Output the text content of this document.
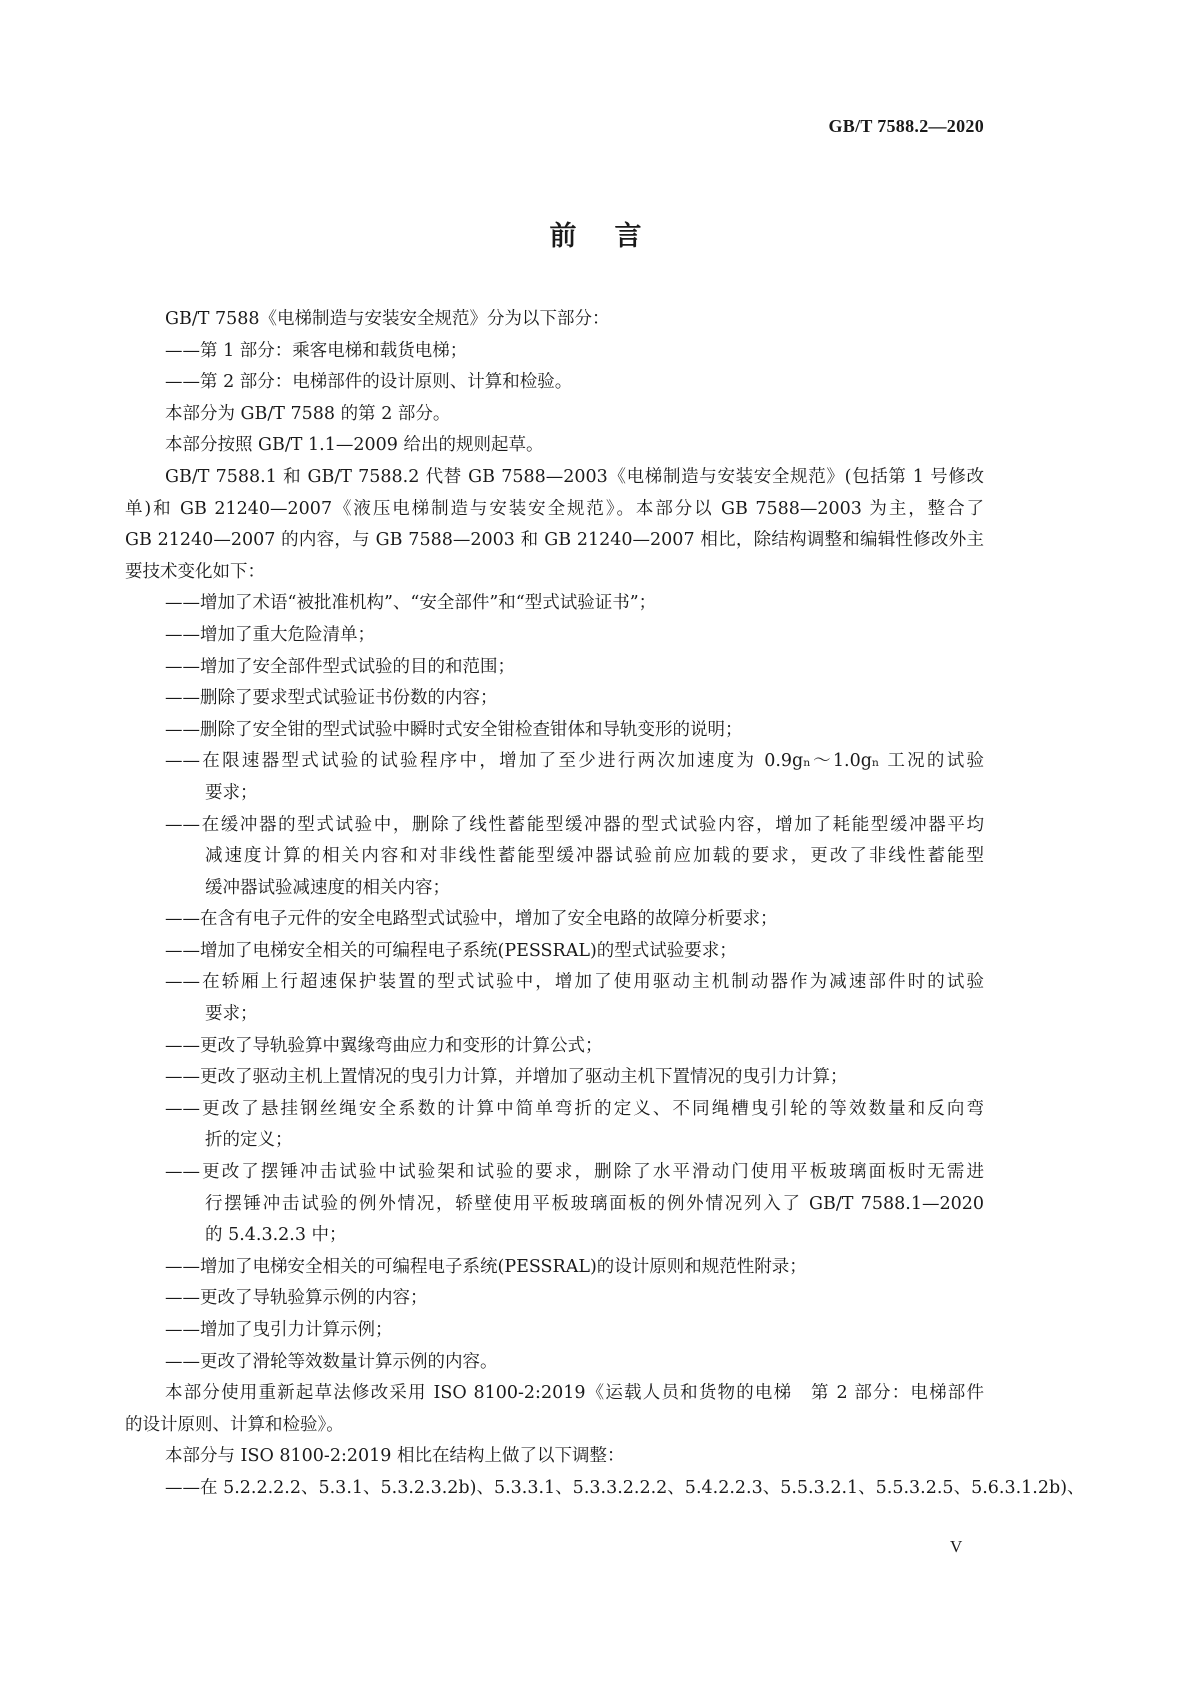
GB/T 7588.2—2020
前言
GB/T 7588《电梯制造与安装安全规范》分为以下部分：
——第 1 部分：乘客电梯和载货电梯；
——第 2 部分：电梯部件的设计原则、计算和检验。
本部分为 GB/T 7588 的第 2 部分。
本部分按照 GB/T 1.1—2009 给出的规则起草。
GB/T 7588.1 和 GB/T 7588.2 代替 GB 7588—2003《电梯制造与安装安全规范》(包括第 1 号修改
单)和 GB 21240—2007《液压电梯制造与安装安全规范》。本部分以 GB 7588—2003 为主，整合了
GB 21240—2007 的内容，与 GB 7588—2003 和 GB 21240—2007 相比，除结构调整和编辑性修改外主
要技术变化如下：
——增加了术语“被批准机构”、“安全部件”和“型式试验证书”；
——增加了重大危险清单；
——增加了安全部件型式试验的目的和范围；
——删除了要求型式试验证书份数的内容；
——删除了安全钳的型式试验中瞬时式安全钳检查钳体和导轨变形的说明；
——在限速器型式试验的试验程序中，增加了至少进行两次加速度为 0.9gₙ～1.0gₙ 工况的试验
要求；
——在缓冲器的型式试验中，删除了线性蓄能型缓冲器的型式试验内容，增加了耗能型缓冲器平均
减速度计算的相关内容和对非线性蓄能型缓冲器试验前应加载的要求，更改了非线性蓄能型
缓冲器试验减速度的相关内容；
——在含有电子元件的安全电路型式试验中，增加了安全电路的故障分析要求；
——增加了电梯安全相关的可编程电子系统(PESSRAL)的型式试验要求；
——在轿厢上行超速保护装置的型式试验中，增加了使用驱动主机制动器作为减速部件时的试验
要求；
——更改了导轨验算中翼缘弯曲应力和变形的计算公式；
——更改了驱动主机上置情况的曳引力计算，并增加了驱动主机下置情况的曳引力计算；
——更改了悬挂钢丝绳安全系数的计算中简单弯折的定义、不同绳槽曳引轮的等效数量和反向弯
折的定义；
——更改了摆锤冲击试验中试验架和试验的要求，删除了水平滑动门使用平板玻璃面板时无需进
行摆锤冲击试验的例外情况，轿壁使用平板玻璃面板的例外情况列入了 GB/T 7588.1—2020
的 5.4.3.2.3 中；
——增加了电梯安全相关的可编程电子系统(PESSRAL)的设计原则和规范性附录；
——更改了导轨验算示例的内容；
——增加了曳引力计算示例；
——更改了滑轮等效数量计算示例的内容。
本部分使用重新起草法修改采用 ISO 8100-2:2019《运载人员和货物的电梯　第 2 部分：电梯部件
的设计原则、计算和检验》。
本部分与 ISO 8100-2:2019 相比在结构上做了以下调整：
——在 5.2.2.2.2、5.3.1、5.3.2.3.2b)、5.3.3.1、5.3.3.2.2.2、5.4.2.2.3、5.5.3.2.1、5.5.3.2.5、5.6.3.1.2b)、
V
